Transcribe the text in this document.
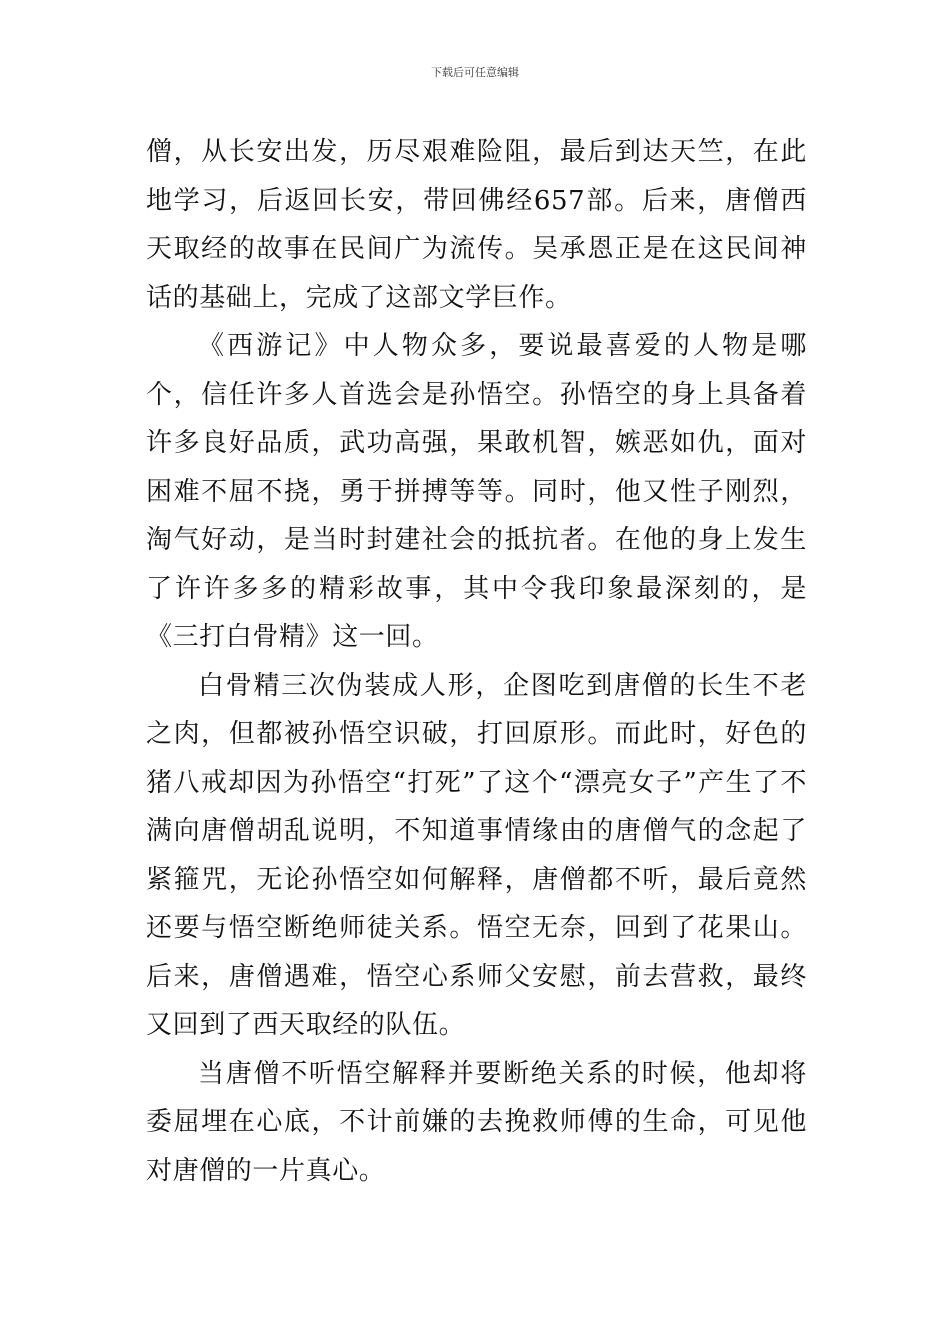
下载后可任意编辑

僧，从长安出发，历尽艰难险阻，最后到达天竺，在此地学习，后返回长安，带回佛经657部。后来，唐僧西天取经的故事在民间广为流传。吴承恩正是在这民间神话的基础上，完成了这部文学巨作。

《西游记》中人物众多，要说最喜爱的人物是哪个，信任许多人首选会是孙悟空。孙悟空的身上具备着许多良好品质，武功高强，果敢机智，嫉恶如仇，面对困难不屈不挠，勇于拼搏等等。同时，他又性子刚烈，淘气好动，是当时封建社会的抵抗者。在他的身上发生了许许多多的精彩故事，其中令我印象最深刻的，是《三打白骨精》这一回。

白骨精三次伪装成人形，企图吃到唐僧的长生不老之肉，但都被孙悟空识破，打回原形。而此时，好色的猪八戒却因为孙悟空“打死”了这个“漂亮女子”产生了不满向唐僧胡乱说明，不知道事情缘由的唐僧气的念起了紧箍咒，无论孙悟空如何解释，唐僧都不听，最后竟然还要与悟空断绝师徒关系。悟空无奈，回到了花果山。后来，唐僧遇难，悟空心系师父安慰，前去营救，最终又回到了西天取经的队伍。

当唐僧不听悟空解释并要断绝关系的时候，他却将委屈埋在心底，不计前嫌的去挽救师傅的生命，可见他对唐僧的一片真心。
